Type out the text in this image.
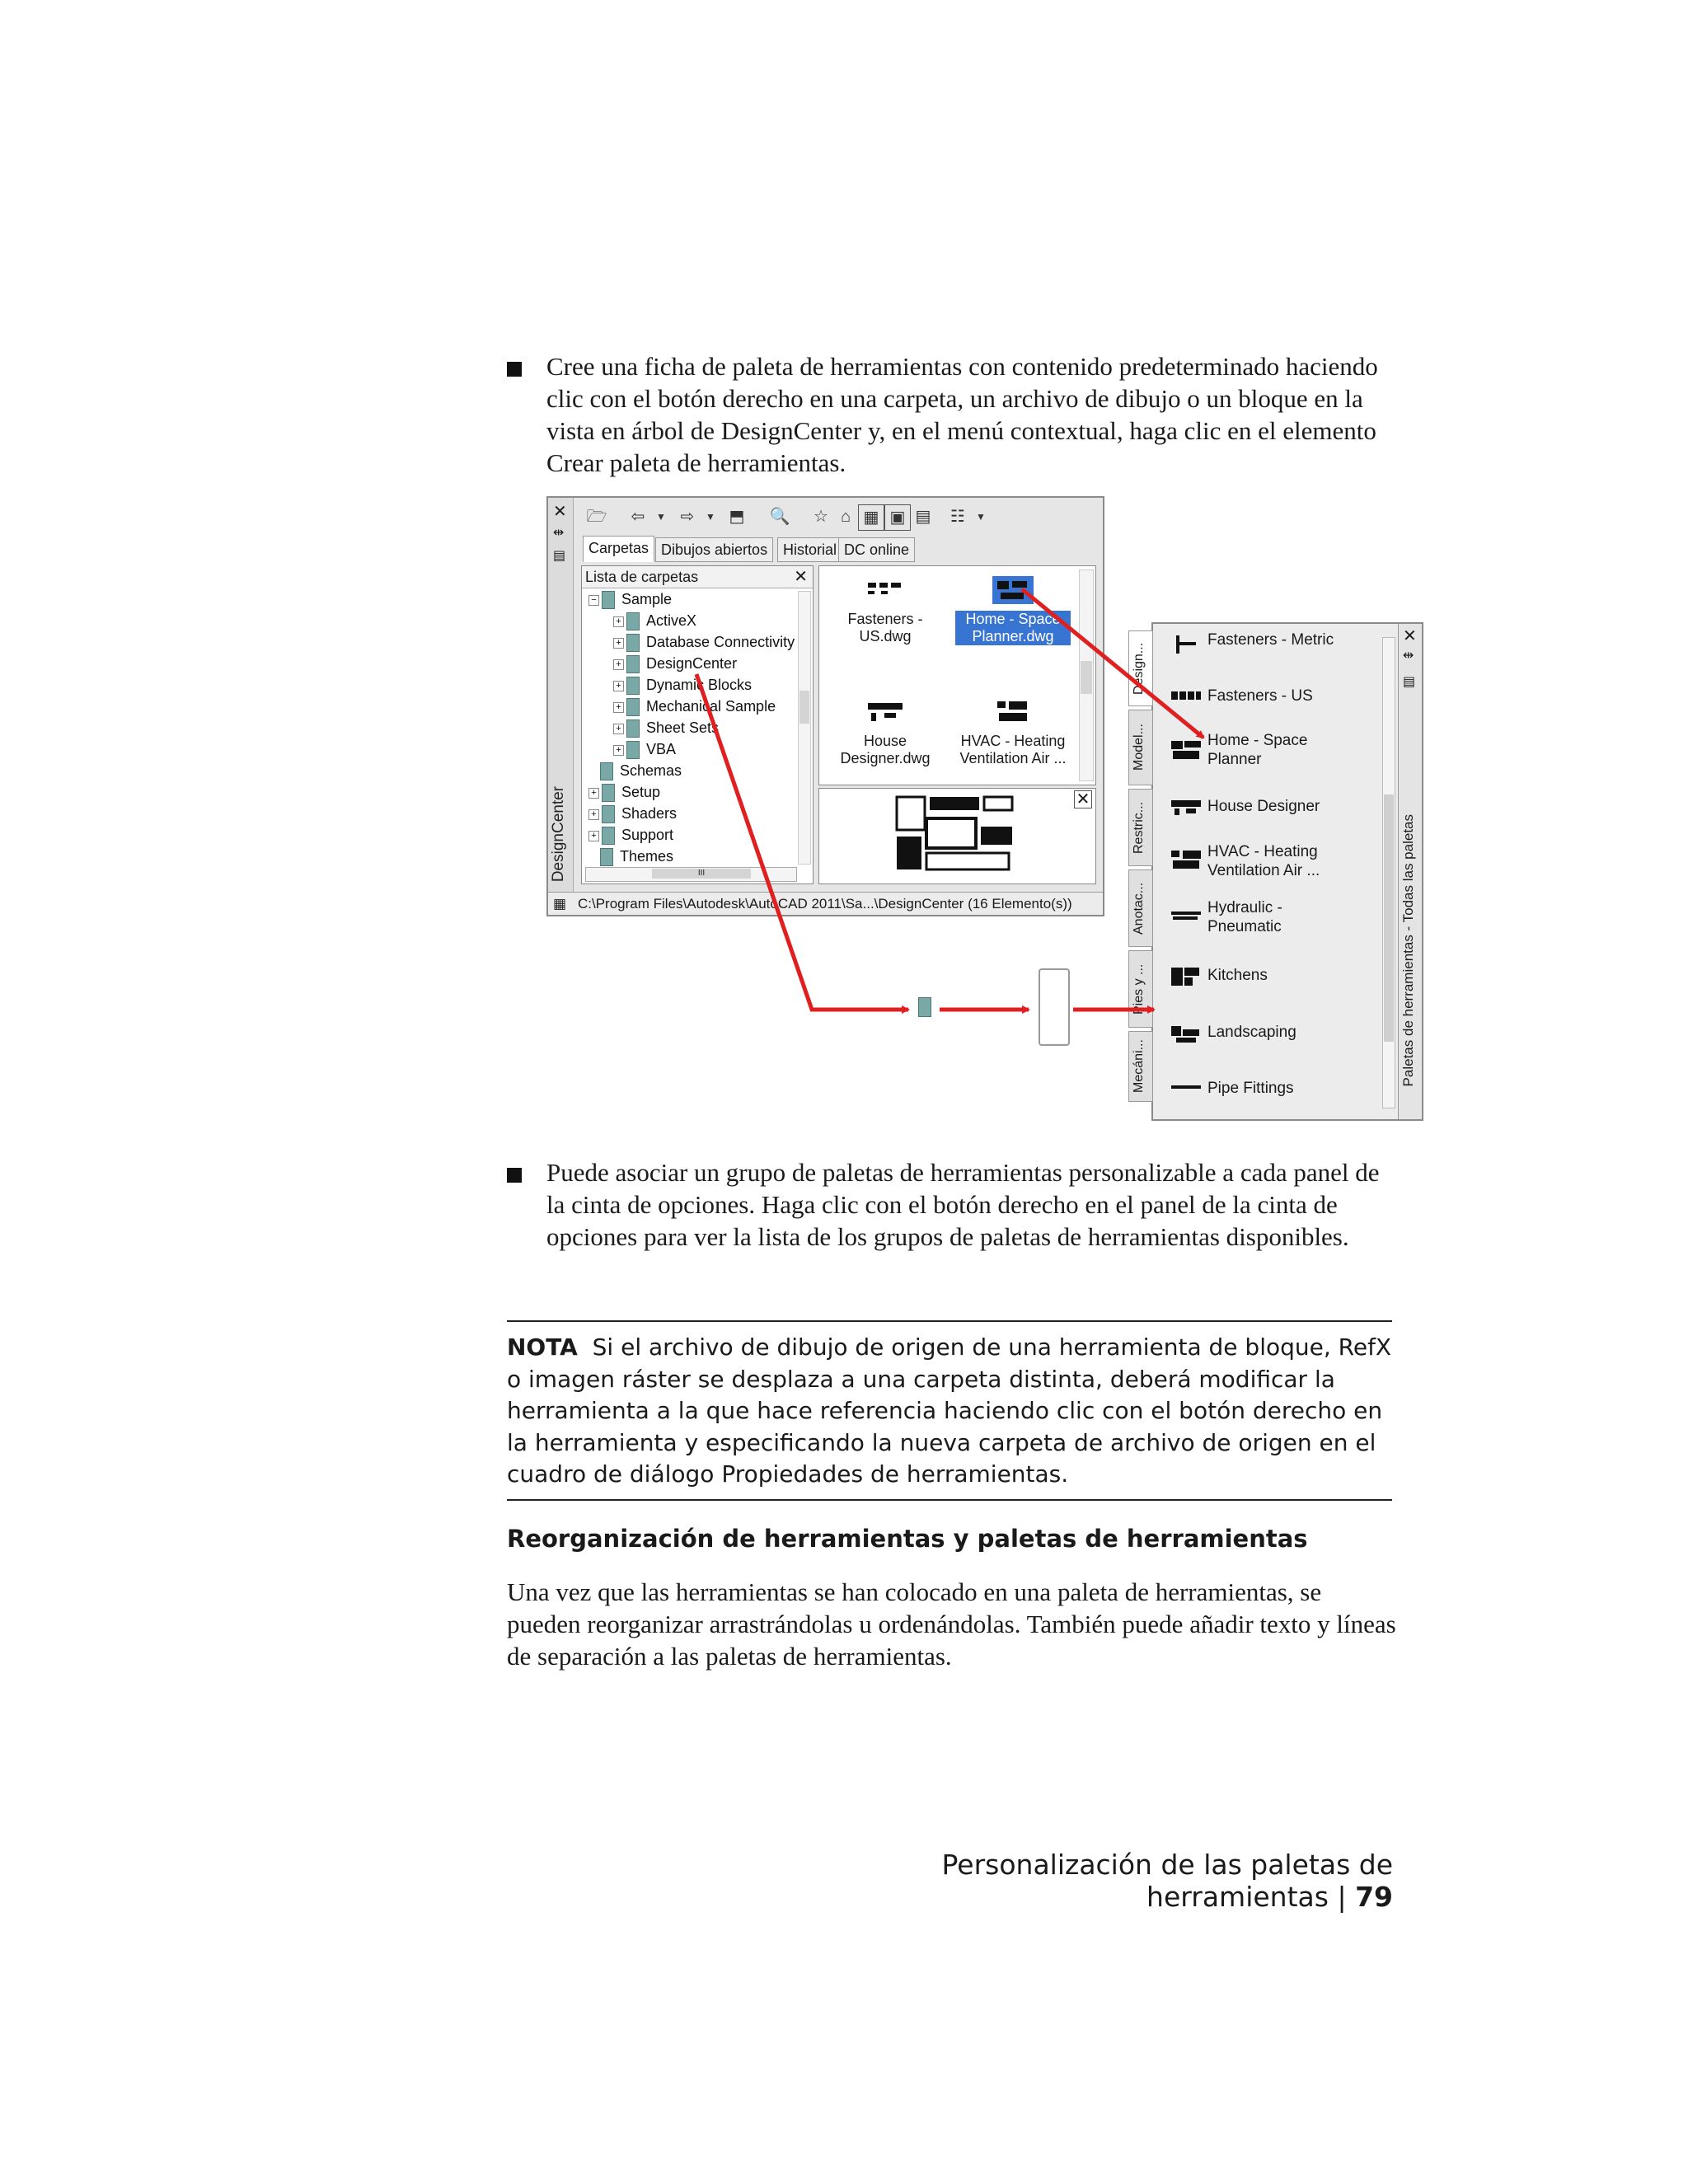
Cree una ficha de paleta de herramientas con contenido predeterminado haciendo clic con el botón derecho en una carpeta, un archivo de dibujo o un bloque en la vista en árbol de DesignCenter y, en el menú contextual, haga clic en el elemento Crear paleta de herramientas.
✕
⇹
▤
DesignCenter
🗁	⇦	▼ ⇨	▼ ⬒ 🔍	☆ ⌂ ▦ ▣ ▤	☷	▼
Carpetas Dibujos abiertos	Historial DC online
Lista de carpetas	✕
− Sample
+ ActiveX
+ Database Connectivity
+ DesignCenter
+ Dynamic Blocks
+ Mechanical Sample
+ Sheet Sets
+ VBA
Schemas
+ Setup
+ Shaders
+ Support
Themes
III
Fasteners -
US.dwg
Home - Space
Planner.dwg
House
Designer.dwg
HVAC - Heating
Ventilation Air ...
✕
▦ C:\Program Files\Autodesk\AutoCAD 2011\Sa...\DesignCenter (16 Elemento(s))
Design...
Model...
Restric...
Anotac...
Pies y ...
Mecáni...
Fasteners - Metric
Fasteners - US
Home - Space
Planner
House Designer
HVAC - Heating
Ventilation Air ...
Hydraulic -
Pneumatic
Kitchens
Landscaping
Pipe Fittings
✕
⇹
▤
Paletas de herramientas - Todas las paletas
Puede asociar un grupo de paletas de herramientas personalizable a cada panel de la cinta de opciones. Haga clic con el botón derecho en el panel de la cinta de opciones para ver la lista de los grupos de paletas de herramientas disponibles.
NOTA Si el archivo de dibujo de origen de una herramienta de bloque, RefX o imagen ráster se desplaza a una carpeta distinta, deberá modificar la herramienta a la que hace referencia haciendo clic con el botón derecho en la herramienta y especificando la nueva carpeta de archivo de origen en el cuadro de diálogo Propiedades de herramientas.
Reorganización de herramientas y paletas de herramientas
Una vez que las herramientas se han colocado en una paleta de herramientas, se pueden reorganizar arrastrándolas u ordenándolas. También puede añadir texto y líneas de separación a las paletas de herramientas.
Personalización de las paletas de herramientas | 79
